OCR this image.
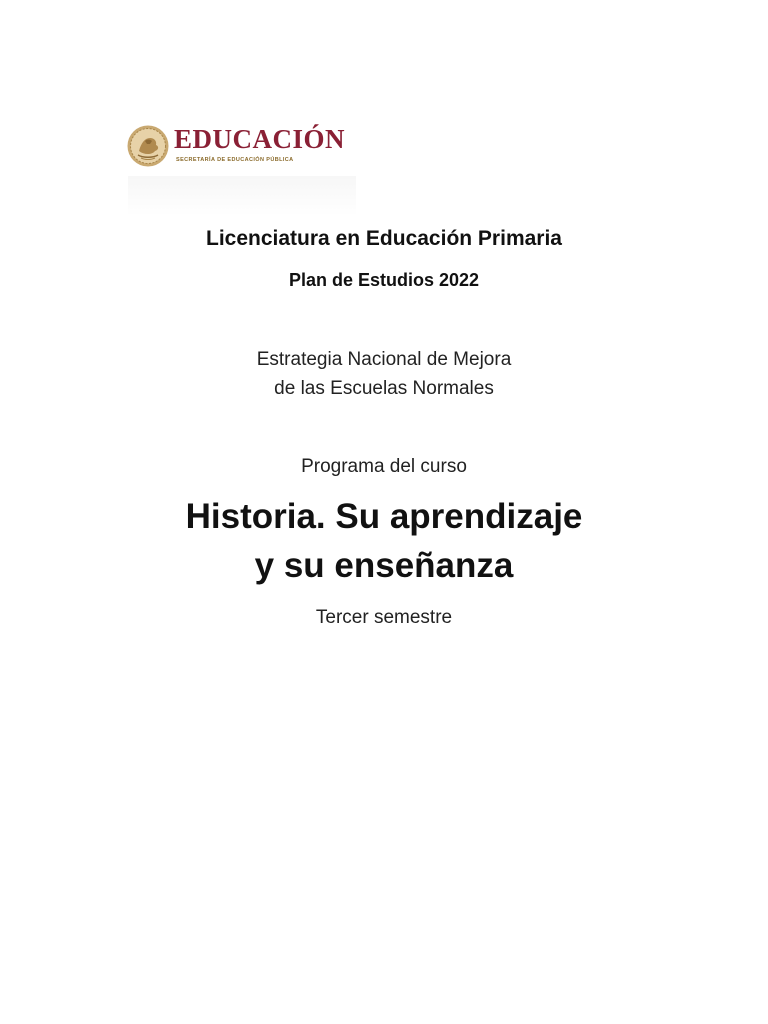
EDUCACIÓN
SECRETARÍA DE EDUCACIÓN PÚBLICA
Licenciatura en Educación Primaria
Plan de Estudios 2022
Estrategia Nacional de Mejora
de las Escuelas Normales
Programa del curso
Historia. Su aprendizaje
y su enseñanza
Tercer semestre
